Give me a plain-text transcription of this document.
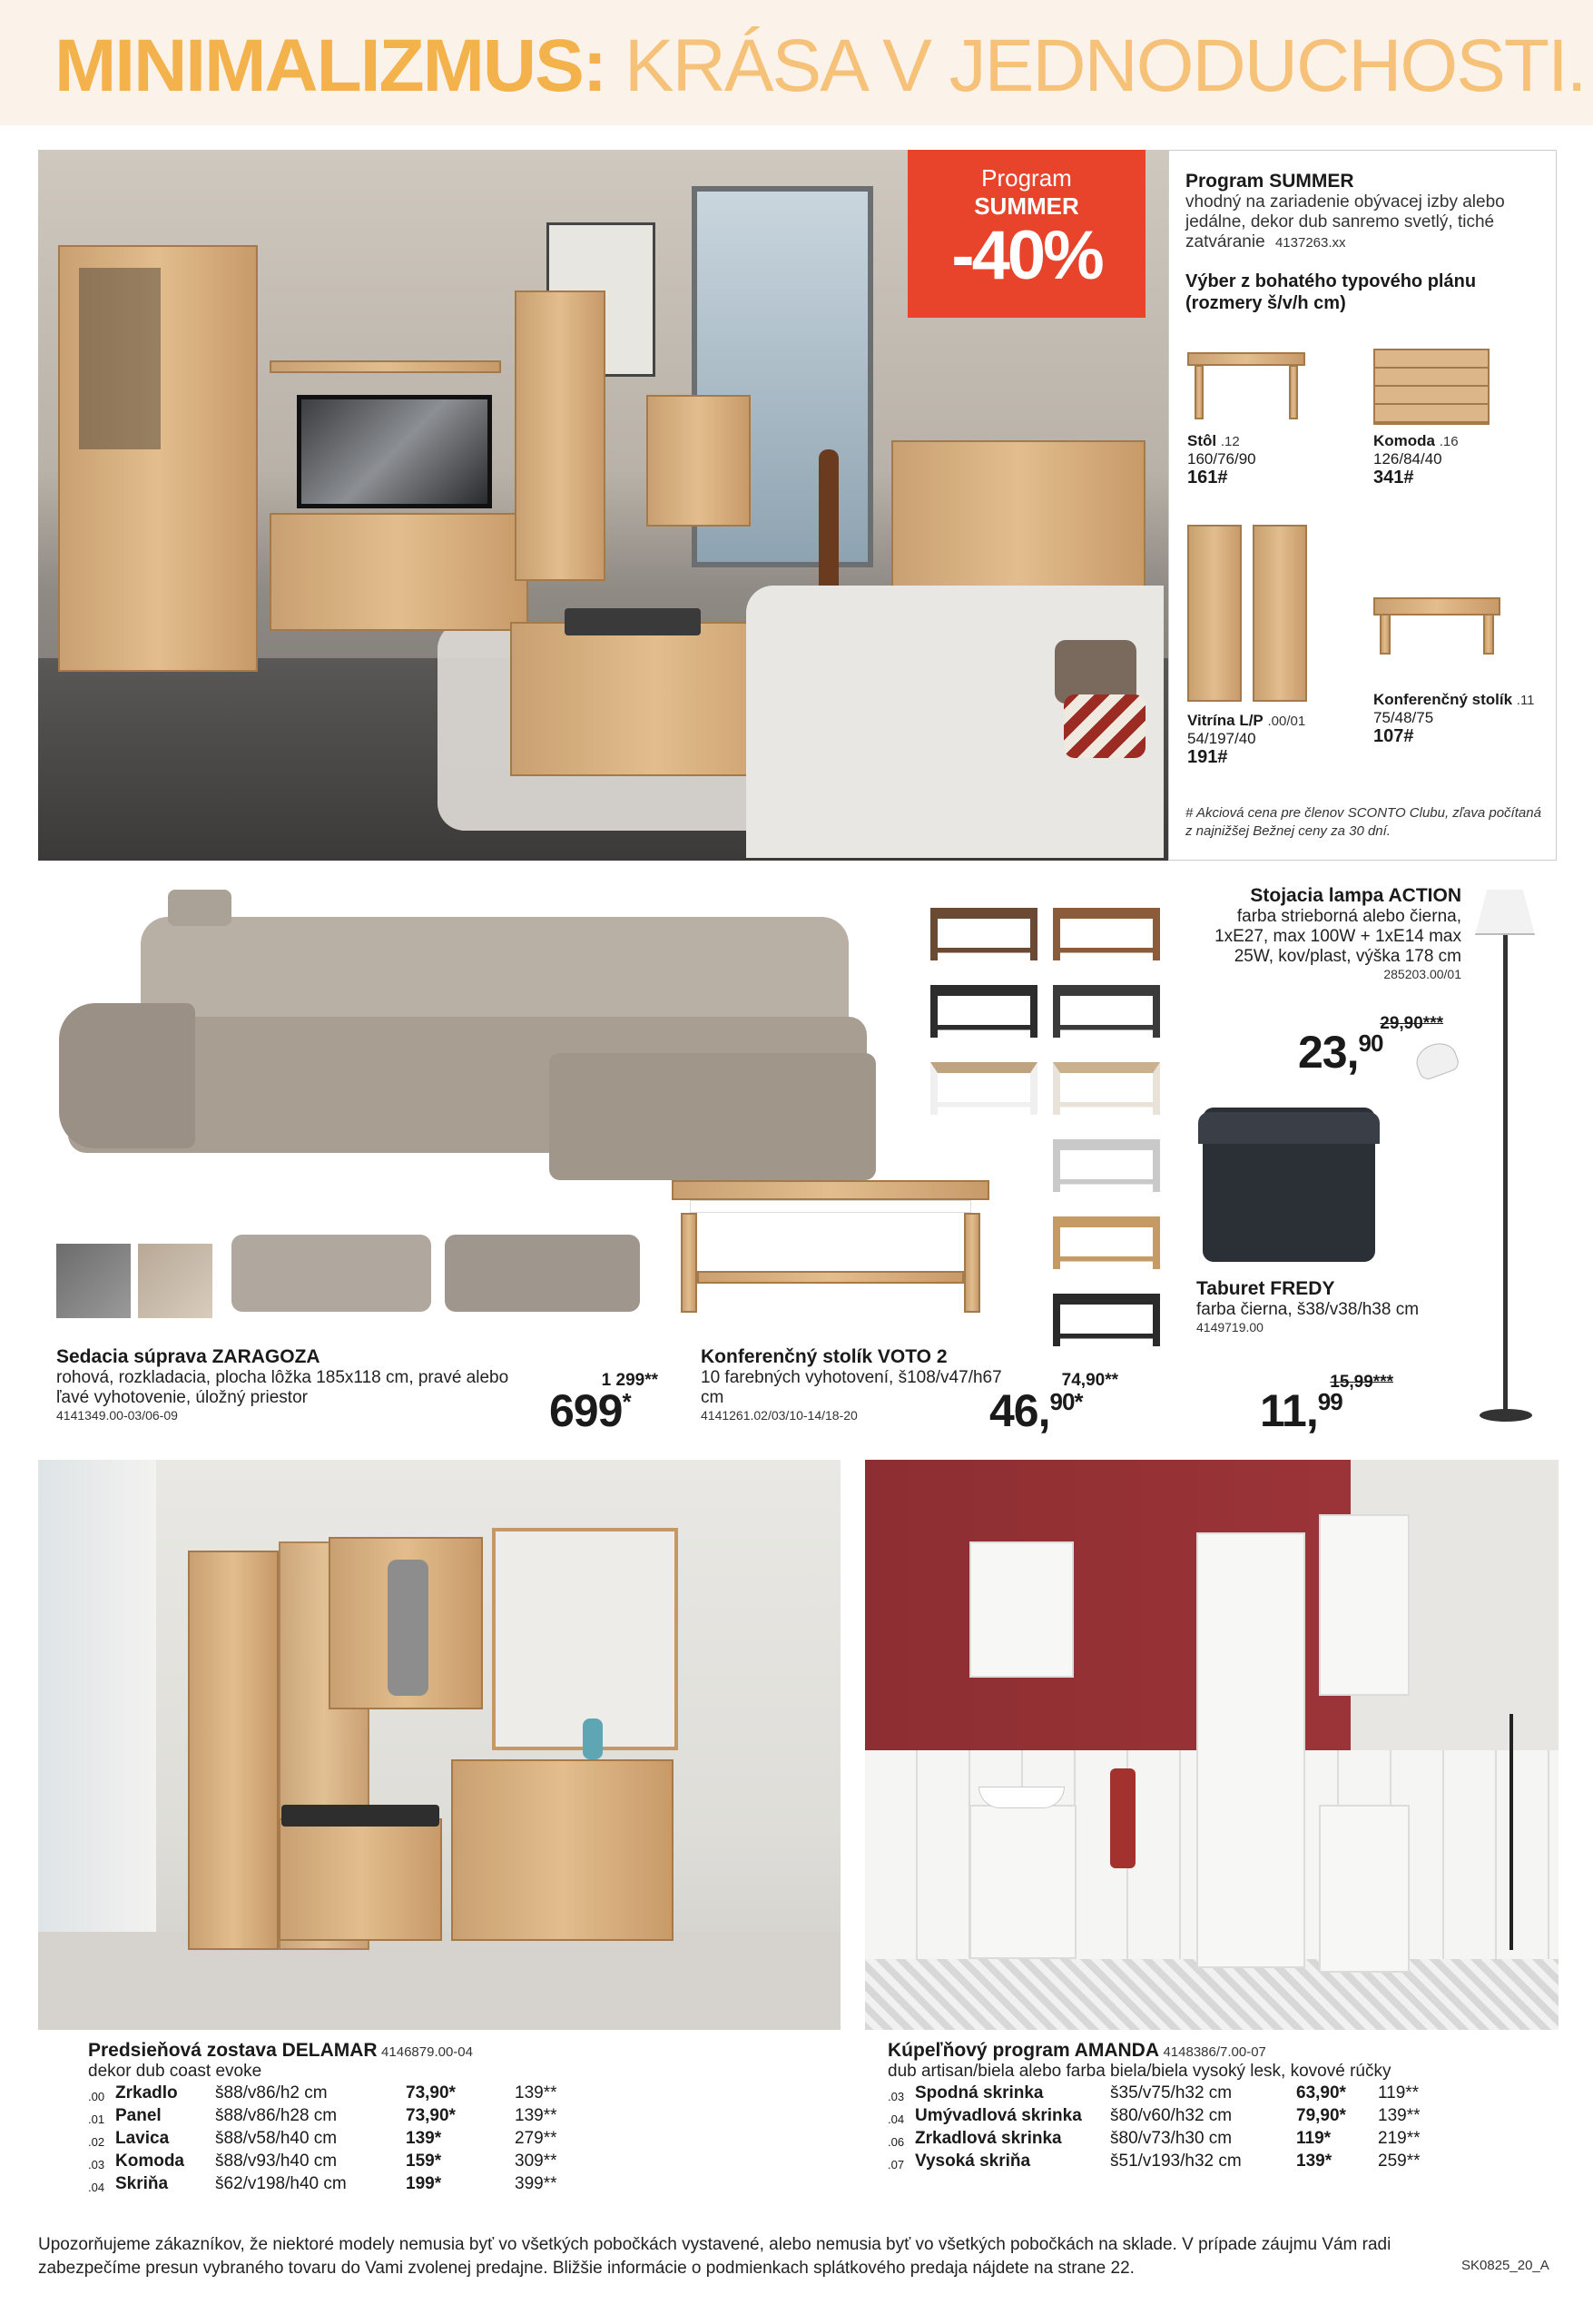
MINIMALIZMUS: KRÁSA V JEDNODUCHOSTI.
Program
SUMMER
-40%
Program SUMMER
vhodný na zariadenie obývacej izby alebo jedálne, dekor dub sanremo svetlý, tiché zatváranie 4137263.xx
Výber z bohatého typového plánu (rozmery š/v/h cm)
Stôl .12
160/76/90
161#
Komoda .16
126/84/40
341#
Vitrína L/P .00/01
54/197/40
191#
Konferenčný stolík .11
75/48/75
107#
# Akciová cena pre členov SCONTO Clubu, zľava počítaná z najnižšej Bežnej ceny za 30 dní.
Sedacia súprava ZARAGOZA
rohová, rozkladacia, plocha lôžka 185x118 cm, pravé alebo ľavé vyhotovenie, úložný priestor
4141349.00-03/06-09
1 299**
699*
Konferenčný stolík VOTO 2
10 farebných vyhotovení, š108/v47/h67 cm
4141261.02/03/10-14/18-20
74,90**
46,$^{90*}$
Stojacia lampa ACTION
farba strieborná alebo čierna, 1xE27, max 100W + 1xE14 max 25W, kov/plast, výška 178 cm
285203.00/01
29,90***
23,90
Taburet FREDY
farba čierna, š38/v38/h38 cm
4149719.00
15,99***
11,99
Predsieňová zostava DELAMAR 4146879.00-04
dekor dub coast evoke
.00 Zrkadlo š88/v86/h2 cm	73,90*	139**
.01 Panel	š88/v86/h28 cm	73,90*	139**
.02 Lavica	š88/v58/h40 cm	139*	279**
.03 Komoda š88/v93/h40 cm	159*	309**
.04 Skriňa	š62/v198/h40 cm	199*	399**
Kúpeľňový program AMANDA 4148386/7.00-07
dub artisan/biela alebo farba biela/biela vysoký lesk, kovové rúčky
.03 Spodná skrinka	š35/v75/h32 cm	63,90* 119**
.04 Umývadlová skrinka š80/v60/h32 cm	79,90* 139**
.06 Zrkadlová skrinka	š80/v73/h30 cm	119*	219**
.07 Vysoká skriňa	š51/v193/h32 cm	139*	259**
Upozorňujeme zákazníkov, že niektoré modely nemusia byť vo všetkých pobočkách vystavené, alebo nemusia byť vo všetkých pobočkách na sklade. V prípade záujmu Vám radi zabezpečíme presun vybraného tovaru do Vami zvolenej predajne. Bližšie informácie o podmienkach splátkového predaja nájdete na strane 22.	SK0825_20_A
